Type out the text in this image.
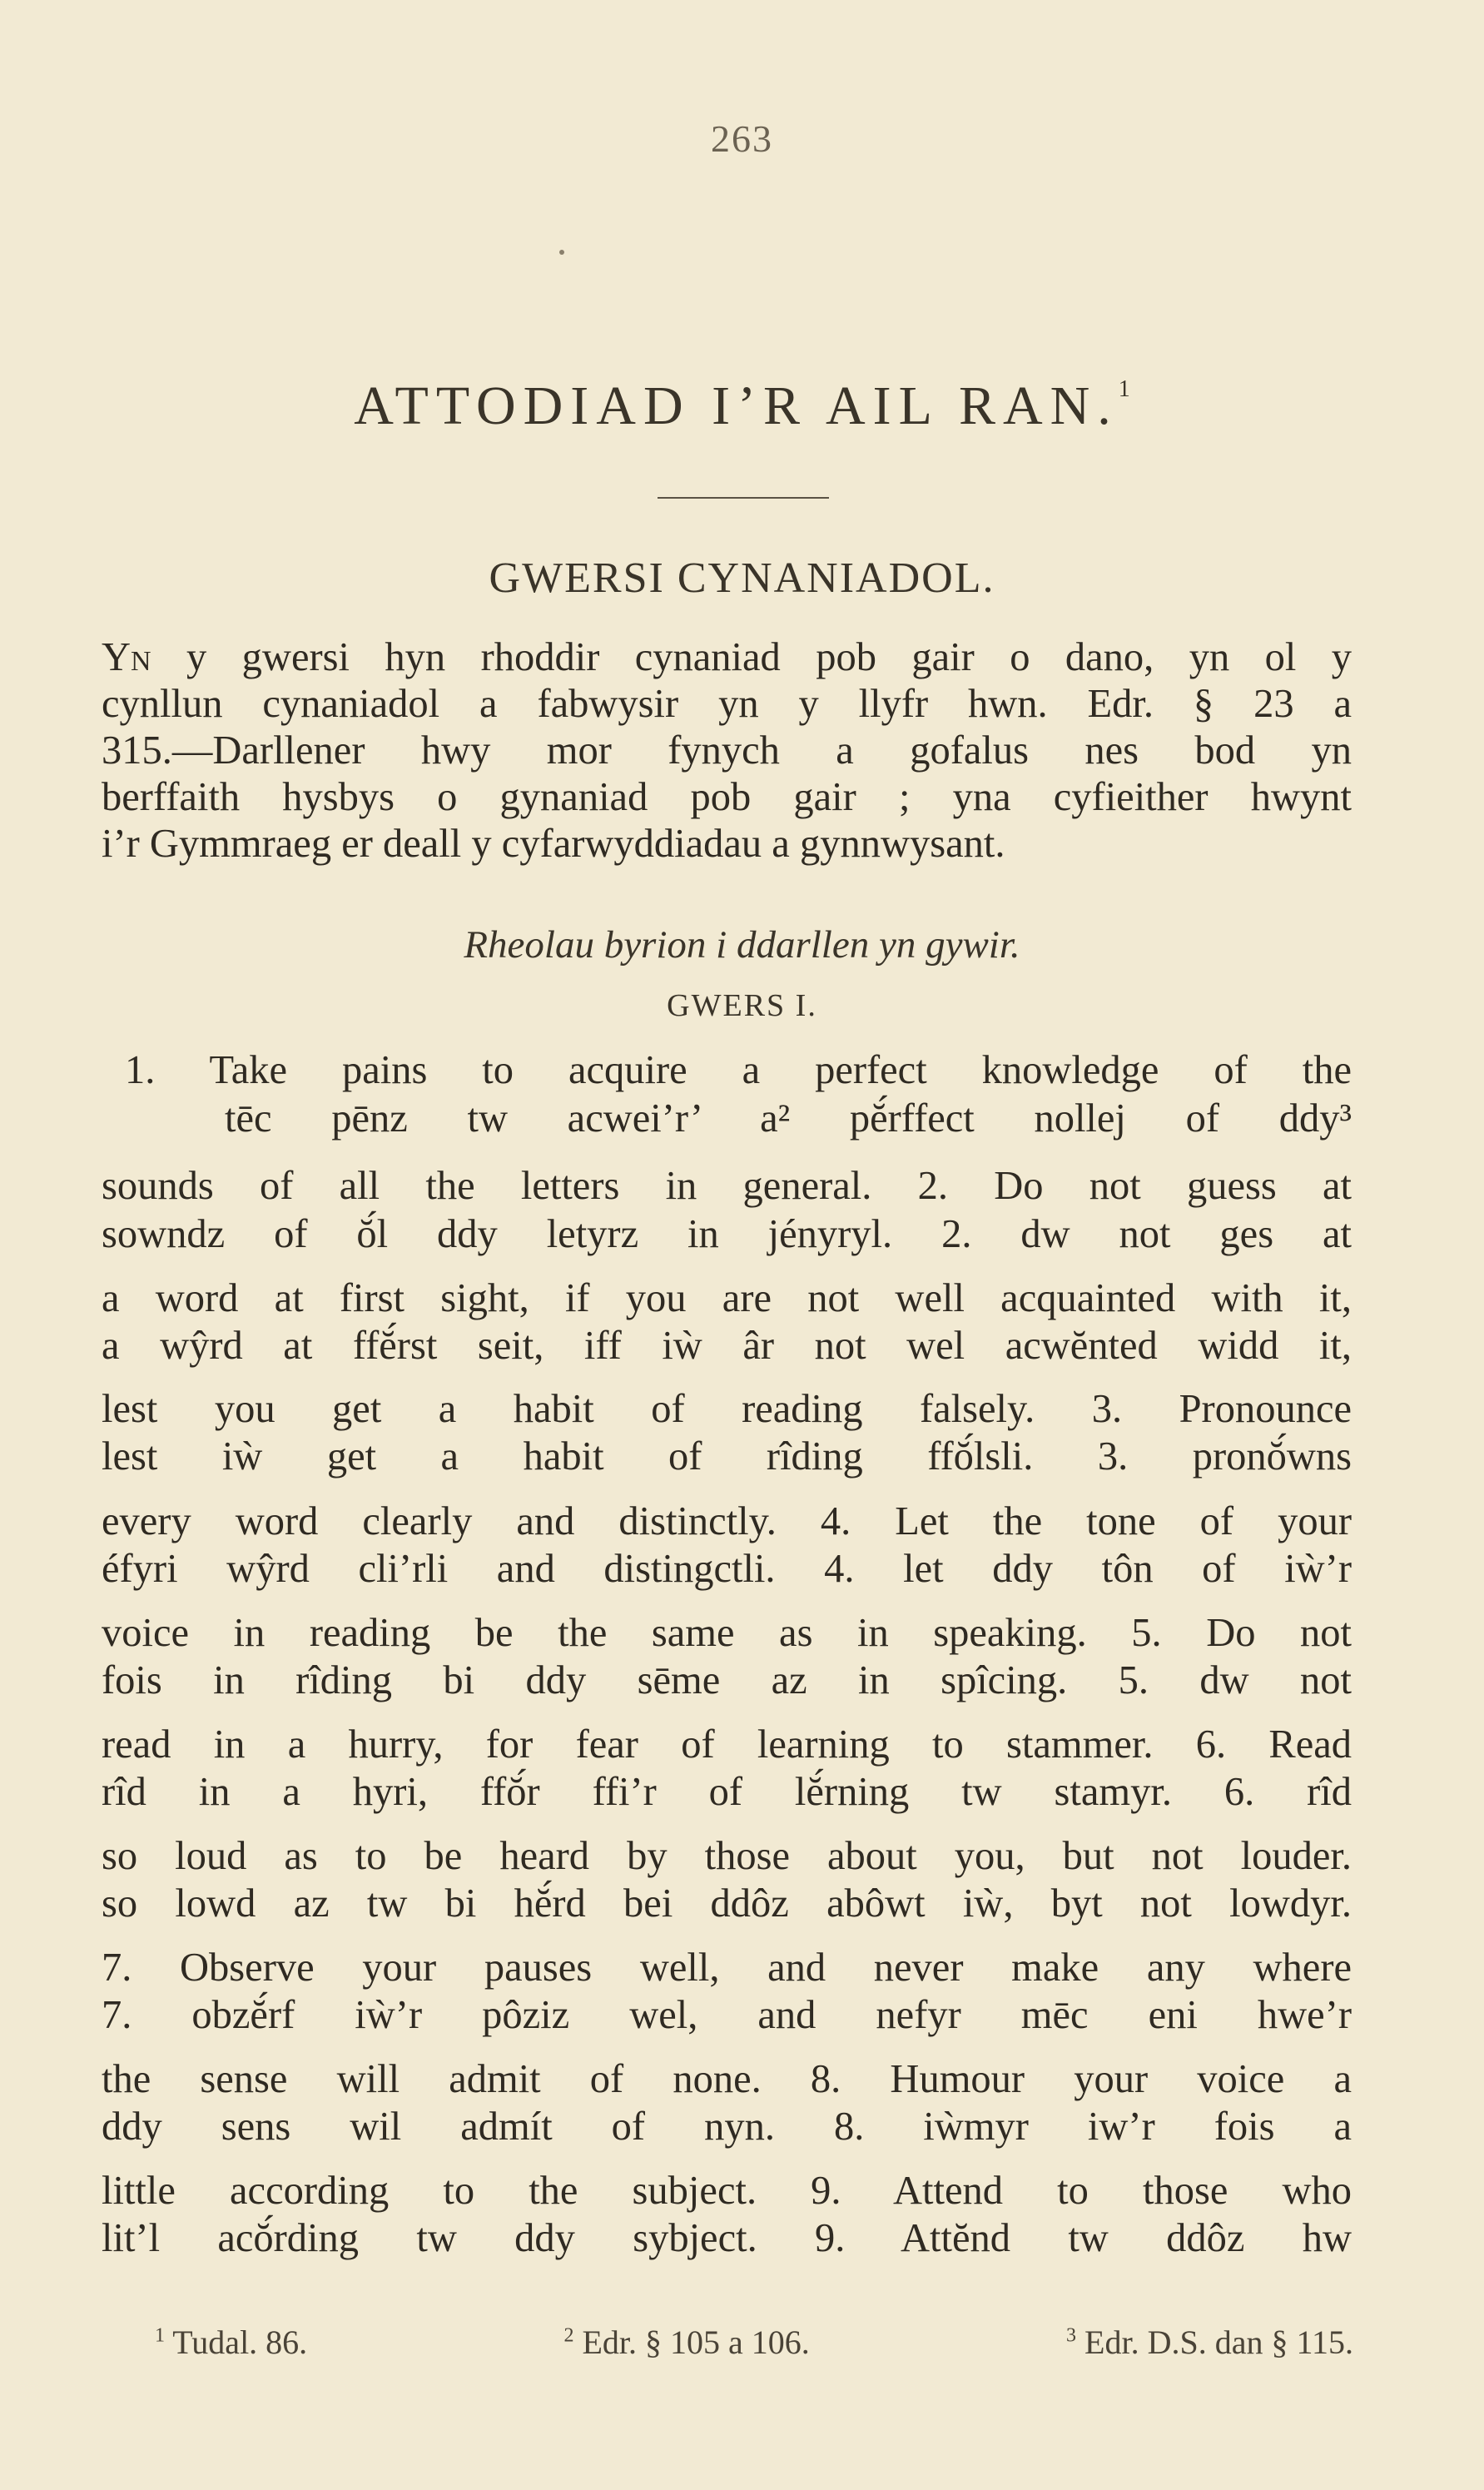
263
ATTODIAD I’R AIL RAN.$^1$
GWERSI CYNANIADOL.
Yn y gwersi hyn rhoddir cynaniad pob gair o dano, yn ol y
cynllun cynaniadol a fabwysir yn y llyfr hwn. Edr. § 23 a
315.—Darllener hwy mor fynych a gofalus nes bod yn
berffaith hysbys o gynaniad pob gair ; yna cyfieither hwynt
i’r Gymmraeg er deall y cyfarwyddiadau a gynnwysant.
Rheolau byrion i ddarllen yn gywir.
GWERS I.
1. Take pains to acquire a perfect knowledge of the
tēc pēnz tw acwei’r’ a² pĕ́rffect nollej of ddy³
sounds of all the letters in general. 2. Do not guess at
sowndz of ŏ́l ddy letyrz in jényryl. 2. dw not ges at
a word at first sight, if you are not well acquainted with it,
a wŷrd at ffĕ́rst seit, iff iẁ âr not wel acwĕnted widd it,
lest you get a habit of reading falsely. 3. Pronounce
lest iẁ get a habit of rîding ffŏ́lsli. 3. pronŏ́wns
every word clearly and distinctly. 4. Let the tone of your
éfyri wŷrd cli’rli and distingctli. 4. let ddy tôn of iẁ’r
voice in reading be the same as in speaking. 5. Do not
fois in rîding bi ddy sēme az in spîcing. 5. dw not
read in a hurry, for fear of learning to stammer. 6. Read
rîd in a hyri, ffŏ́r ffi’r of lĕ́rning tw stamyr. 6. rîd
so loud as to be heard by those about you, but not louder.
so lowd az tw bi hĕ́rd bei ddôz abôwt iẁ, byt not lowdyr.
7. Observe your pauses well, and never make any where
7. obzĕ́rf iẁ’r pôziz wel, and nefyr mēc eni hwe’r
the sense will admit of none. 8. Humour your voice a
ddy sens wil admít of nyn. 8. iẁmyr iw’r fois a
little according to the subject. 9. Attend to those who
lit’l acŏ́rding tw ddy sybject. 9. Attĕnd tw ddôz hw
$^1$ Tudal. 86.	$^2$ Edr. § 105 a 106.	$^3$ Edr. D.S. dan § 115.
